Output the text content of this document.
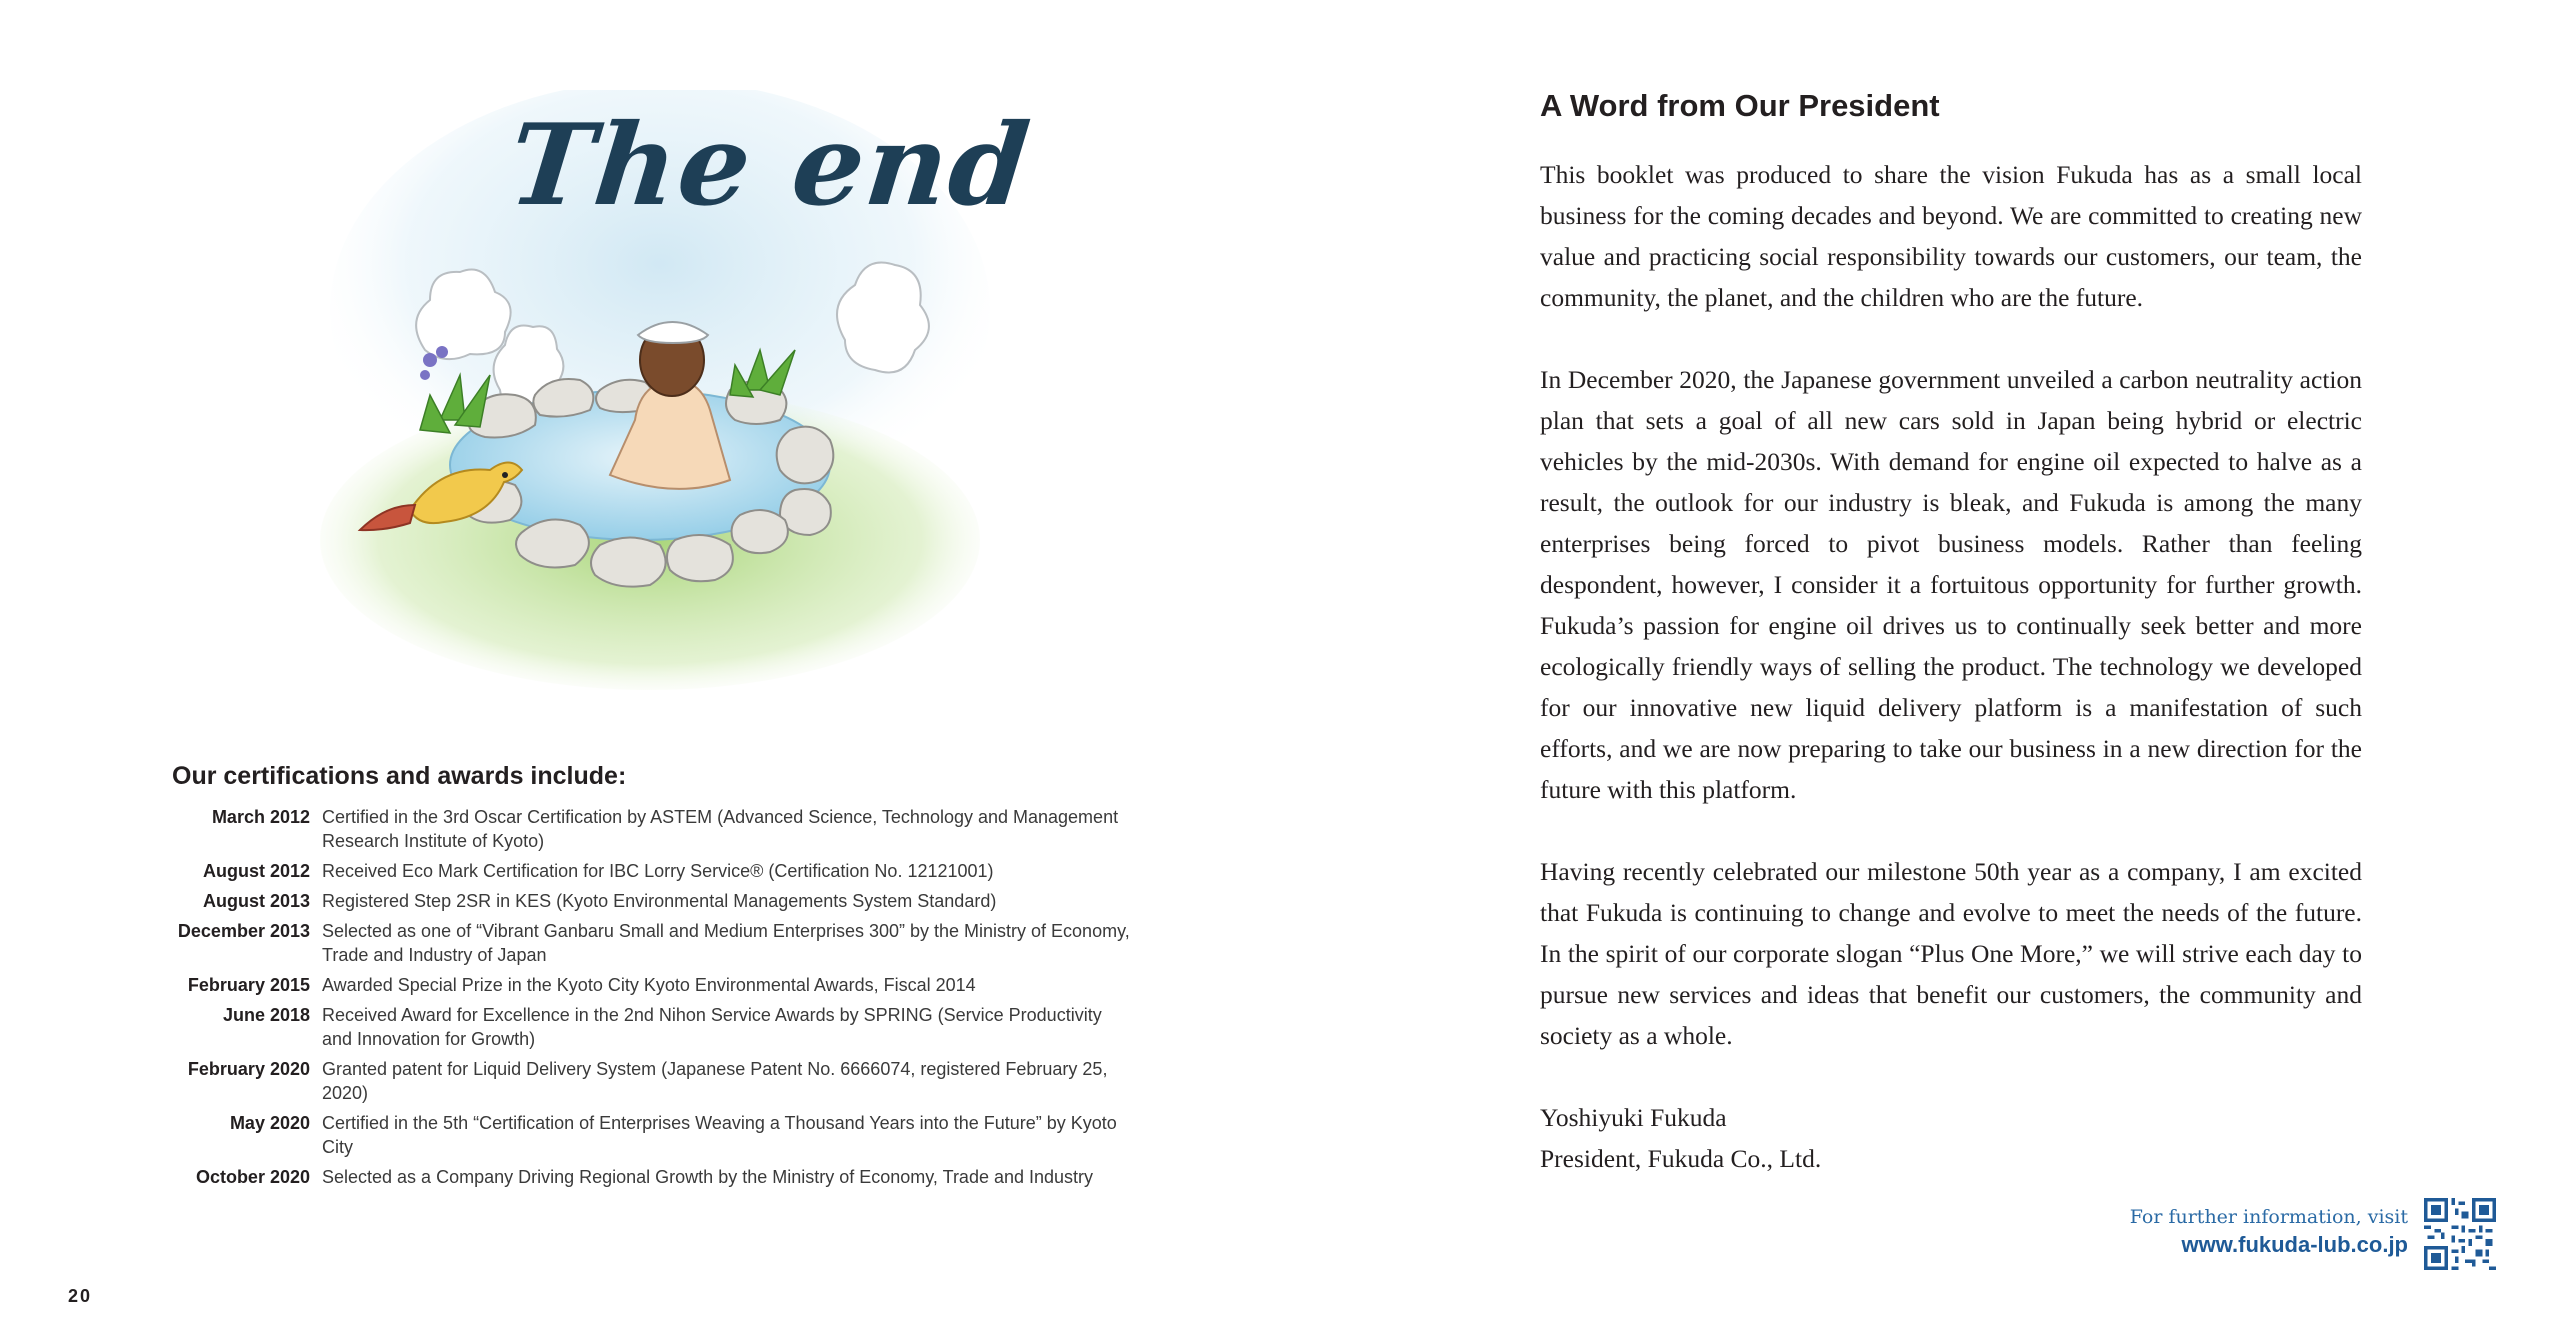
The end
Our certifications and awards include:
March 2012 Certified in the 3rd Oscar Certification by ASTEM (Advanced Science, Technology and Management Research Institute of Kyoto)
August 2012 Received Eco Mark Certification for IBC Lorry Service® (Certification No. 12121001)
August 2013 Registered Step 2SR in KES (Kyoto Environmental Managements System Standard)
December 2013 Selected as one of “Vibrant Ganbaru Small and Medium Enterprises 300” by the Ministry of Economy, Trade and Industry of Japan
February 2015 Awarded Special Prize in the Kyoto City Kyoto Environmental Awards, Fiscal 2014
June 2018 Received Award for Excellence in the 2nd Nihon Service Awards by SPRING (Service Productivity and Innovation for Growth)
February 2020 Granted patent for Liquid Delivery System (Japanese Patent No. 6666074, registered February 25, 2020)
May 2020 Certified in the 5th “Certification of Enterprises Weaving a Thousand Years into the Future” by Kyoto City
October 2020 Selected as a Company Driving Regional Growth by the Ministry of Economy, Trade and Industry
20
A Word from Our President

This booklet was produced to share the vision Fukuda has as a small local business for the coming decades and beyond. We are committed to creating new value and practicing social responsibility towards our customers, our team, the community, the planet, and the children who are the future.

In December 2020, the Japanese government unveiled a carbon neutrality action plan that sets a goal of all new cars sold in Japan being hybrid or electric vehicles by the mid-2030s. With demand for engine oil expected to halve as a result, the outlook for our industry is bleak, and Fukuda is among the many enterprises being forced to pivot business models. Rather than feeling despondent, however, I consider it a fortuitous opportunity for further growth. Fukuda’s passion for engine oil drives us to continually seek better and more ecologically friendly ways of selling the product. The technology we developed for our innovative new liquid delivery platform is a manifestation of such efforts, and we are now preparing to take our business in a new direction for the future with this platform.

Having recently celebrated our milestone 50th year as a company, I am excited that Fukuda is continuing to change and evolve to meet the needs of the future. In the spirit of our corporate slogan “Plus One More,” we will strive each day to pursue new services and ideas that benefit our customers, the community and society as a whole.

Yoshiyuki Fukuda
President, Fukuda Co., Ltd.
For further information, visit
www.fukuda-lub.co.jp
